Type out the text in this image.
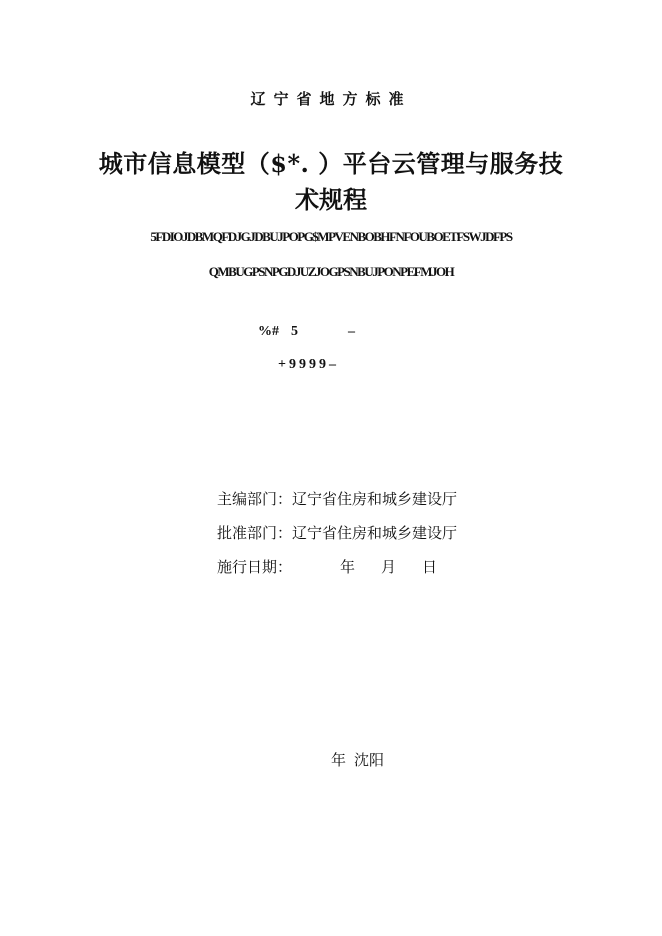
辽宁省地方标准
城市信息模型（$*. ）平台云管理与服务技
术规程
5FDIOJDBMQFDJGJDBUJPOPG$MPVENBOBHFNFOUBOETFSWJDFPS
QMBUGPSNPGDJUZJOGPSNBUJPONPEFMJOH
%# 5	–
+9999–
主编部门：辽宁省住房和城乡建设厅
批准部门：辽宁省住房和城乡建设厅
施行日期：	年 月 日
年 沈阳
